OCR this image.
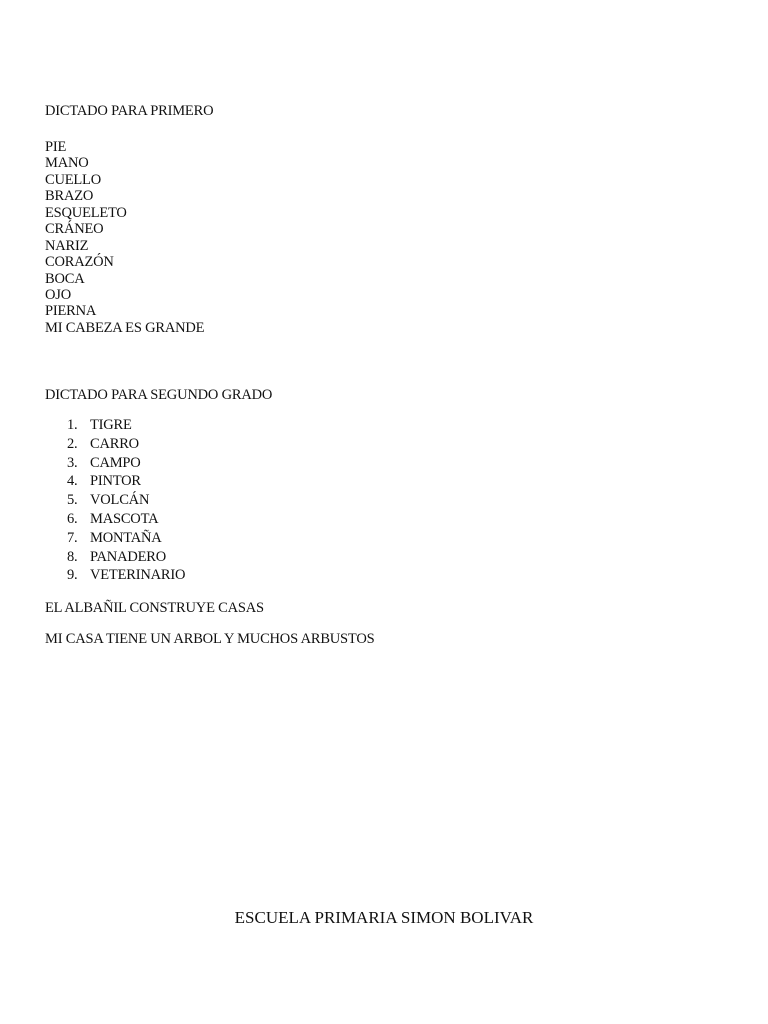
DICTADO PARA PRIMERO
PIE
MANO
CUELLO
BRAZO
ESQUELETO
CRÁNEO
NARIZ
CORAZÓN
BOCA
OJO
PIERNA
MI CABEZA ES GRANDE
DICTADO PARA SEGUNDO GRADO
1. TIGRE
2. CARRO
3. CAMPO
4. PINTOR
5. VOLCÁN
6. MASCOTA
7. MONTAÑA
8. PANADERO
9. VETERINARIO
EL ALBAÑIL CONSTRUYE CASAS
MI CASA TIENE UN ARBOL Y MUCHOS ARBUSTOS
ESCUELA PRIMARIA SIMON BOLIVAR
